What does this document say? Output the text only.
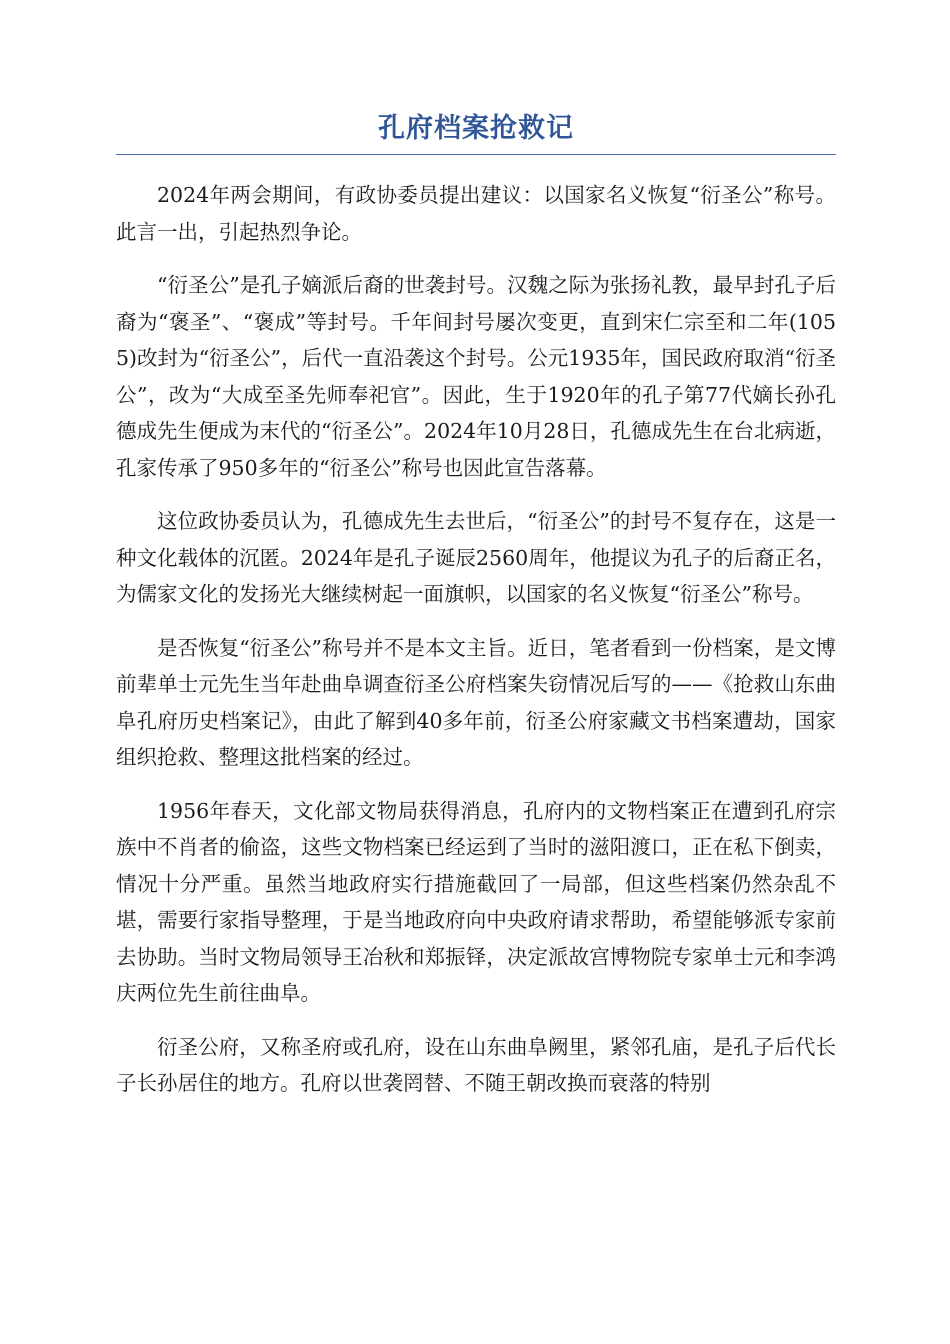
孔府档案抢救记

2024年两会期间，有政协委员提出建议：以国家名义恢复“衍圣公”称号。此言一出，引起热烈争论。

“衍圣公”是孔子嫡派后裔的世袭封号。汉魏之际为张扬礼教，最早封孔子后裔为“褒圣”、“褒成”等封号。千年间封号屡次变更，直到宋仁宗至和二年(1055)改封为“衍圣公”，后代一直沿袭这个封号。公元1935年，国民政府取消“衍圣公”，改为“大成至圣先师奉祀官”。因此，生于1920年的孔子第77代嫡长孙孔德成先生便成为末代的“衍圣公”。2024年10月28日，孔德成先生在台北病逝，孔家传承了950多年的“衍圣公”称号也因此宣告落幕。

这位政协委员认为，孔德成先生去世后，“衍圣公”的封号不复存在，这是一种文化载体的沉匿。2024年是孔子诞辰2560周年，他提议为孔子的后裔正名，为儒家文化的发扬光大继续树起一面旗帜，以国家的名义恢复“衍圣公”称号。

是否恢复“衍圣公”称号并不是本文主旨。近日，笔者看到一份档案，是文博前辈单士元先生当年赴曲阜调查衍圣公府档案失窃情况后写的——《抢救山东曲阜孔府历史档案记》，由此了解到40多年前，衍圣公府家藏文书档案遭劫，国家组织抢救、整理这批档案的经过。

1956年春天，文化部文物局获得消息，孔府内的文物档案正在遭到孔府宗族中不肖者的偷盗，这些文物档案已经运到了当时的滋阳渡口，正在私下倒卖，情况十分严重。虽然当地政府实行措施截回了一局部，但这些档案仍然杂乱不堪，需要行家指导整理，于是当地政府向中央政府请求帮助，希望能够派专家前去协助。当时文物局领导王冶秋和郑振铎，决定派故宫博物院专家单士元和李鸿庆两位先生前往曲阜。

衍圣公府，又称圣府或孔府，设在山东曲阜阙里，紧邻孔庙，是孔子后代长子长孙居住的地方。孔府以世袭罔替、不随王朝改换而衰落的特别
